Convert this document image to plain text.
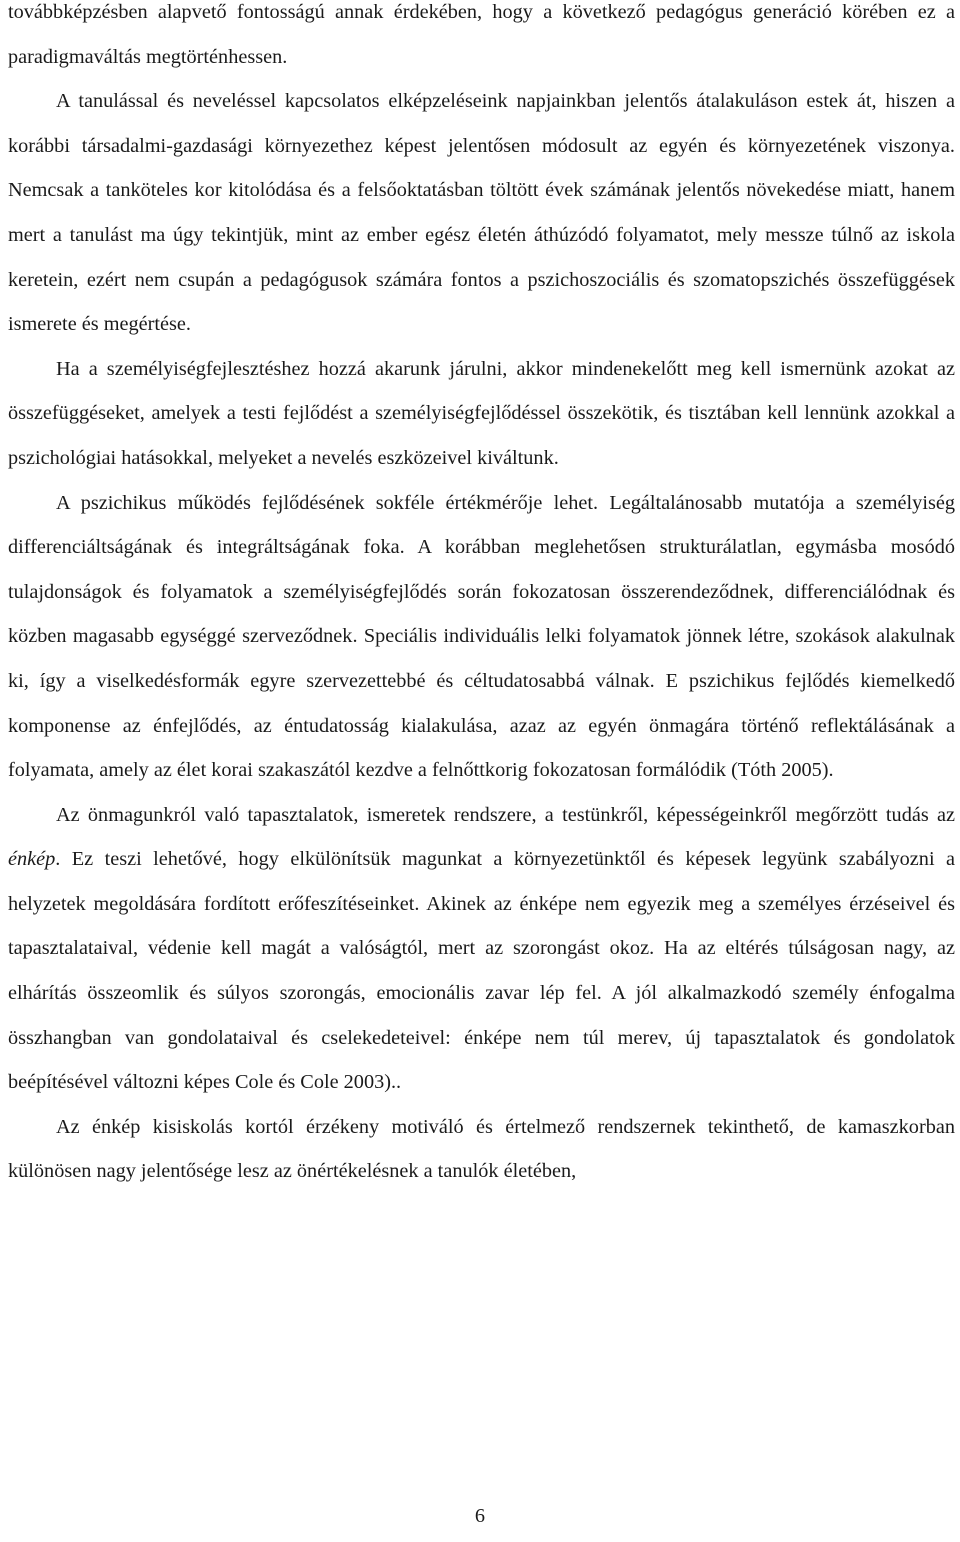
továbbképzésben alapvető fontosságú annak érdekében, hogy a következő pedagógus generáció körében ez a paradigmaváltás megtörténhessen.

A tanulással és neveléssel kapcsolatos elképzeléseink napjainkban jelentős átalakuláson estek át, hiszen a korábbi társadalmi-gazdasági környezethez képest jelentősen módosult az egyén és környezetének viszonya. Nemcsak a tanköteles kor kitolódása és a felsőoktatásban töltött évek számának jelentős növekedése miatt, hanem mert a tanulást ma úgy tekintjük, mint az ember egész életén áthúzódó folyamatot, mely messze túlnő az iskola keretein, ezért nem csupán a pedagógusok számára fontos a pszichoszociális és szomatopszichés összefüggések ismerete és megértése.

Ha a személyiségfejlesztéshez hozzá akarunk járulni, akkor mindenekelőtt meg kell ismernünk azokat az összefüggéseket, amelyek a testi fejlődést a személyiségfejlődéssel összekötik, és tisztában kell lennünk azokkal a pszichológiai hatásokkal, melyeket a nevelés eszközeivel kiváltunk.

A pszichikus működés fejlődésének sokféle értékmérője lehet. Legáltalánosabb mutatója a személyiség differenciáltságának és integráltságának foka. A korábban meglehetősen strukturálatlan, egymásba mosódó tulajdonságok és folyamatok a személyiségfejlődés során fokozatosan összerendeződnek, differenciálódnak és közben magasabb egységgé szerveződnek. Speciális individuális lelki folyamatok jönnek létre, szokások alakulnak ki, így a viselkedésformák egyre szervezettebbé és céltudatosabbá válnak. E pszichikus fejlődés kiemelkedő komponense az énfejlődés, az éntudatosság kialakulása, azaz az egyén önmagára történő reflektálásának a folyamata, amely az élet korai szakaszától kezdve a felnőttkorig fokozatosan formálódik (Tóth 2005).

Az önmagunkról való tapasztalatok, ismeretek rendszere, a testünkről, képességeinkről megőrzött tudás az énkép. Ez teszi lehetővé, hogy elkülönítsük magunkat a környezetünktől és képesek legyünk szabályozni a helyzetek megoldására fordított erőfeszítéseinket. Akinek az énképe nem egyezik meg a személyes érzéseivel és tapasztalataival, védenie kell magát a valóságtól, mert az szorongást okoz. Ha az eltérés túlságosan nagy, az elhárítás összeomlik és súlyos szorongás, emocionális zavar lép fel. A jól alkalmazkodó személy énfogalma összhangban van gondolataival és cselekedeteivel: énképe nem túl merev, új tapasztalatok és gondolatok beépítésével változni képes Cole és Cole 2003)..

Az énkép kisiskolás kortól érzékeny motiváló és értelmező rendszernek tekinthető, de kamaszkorban különösen nagy jelentősége lesz az önértékelésnek a tanulók életében,

6
